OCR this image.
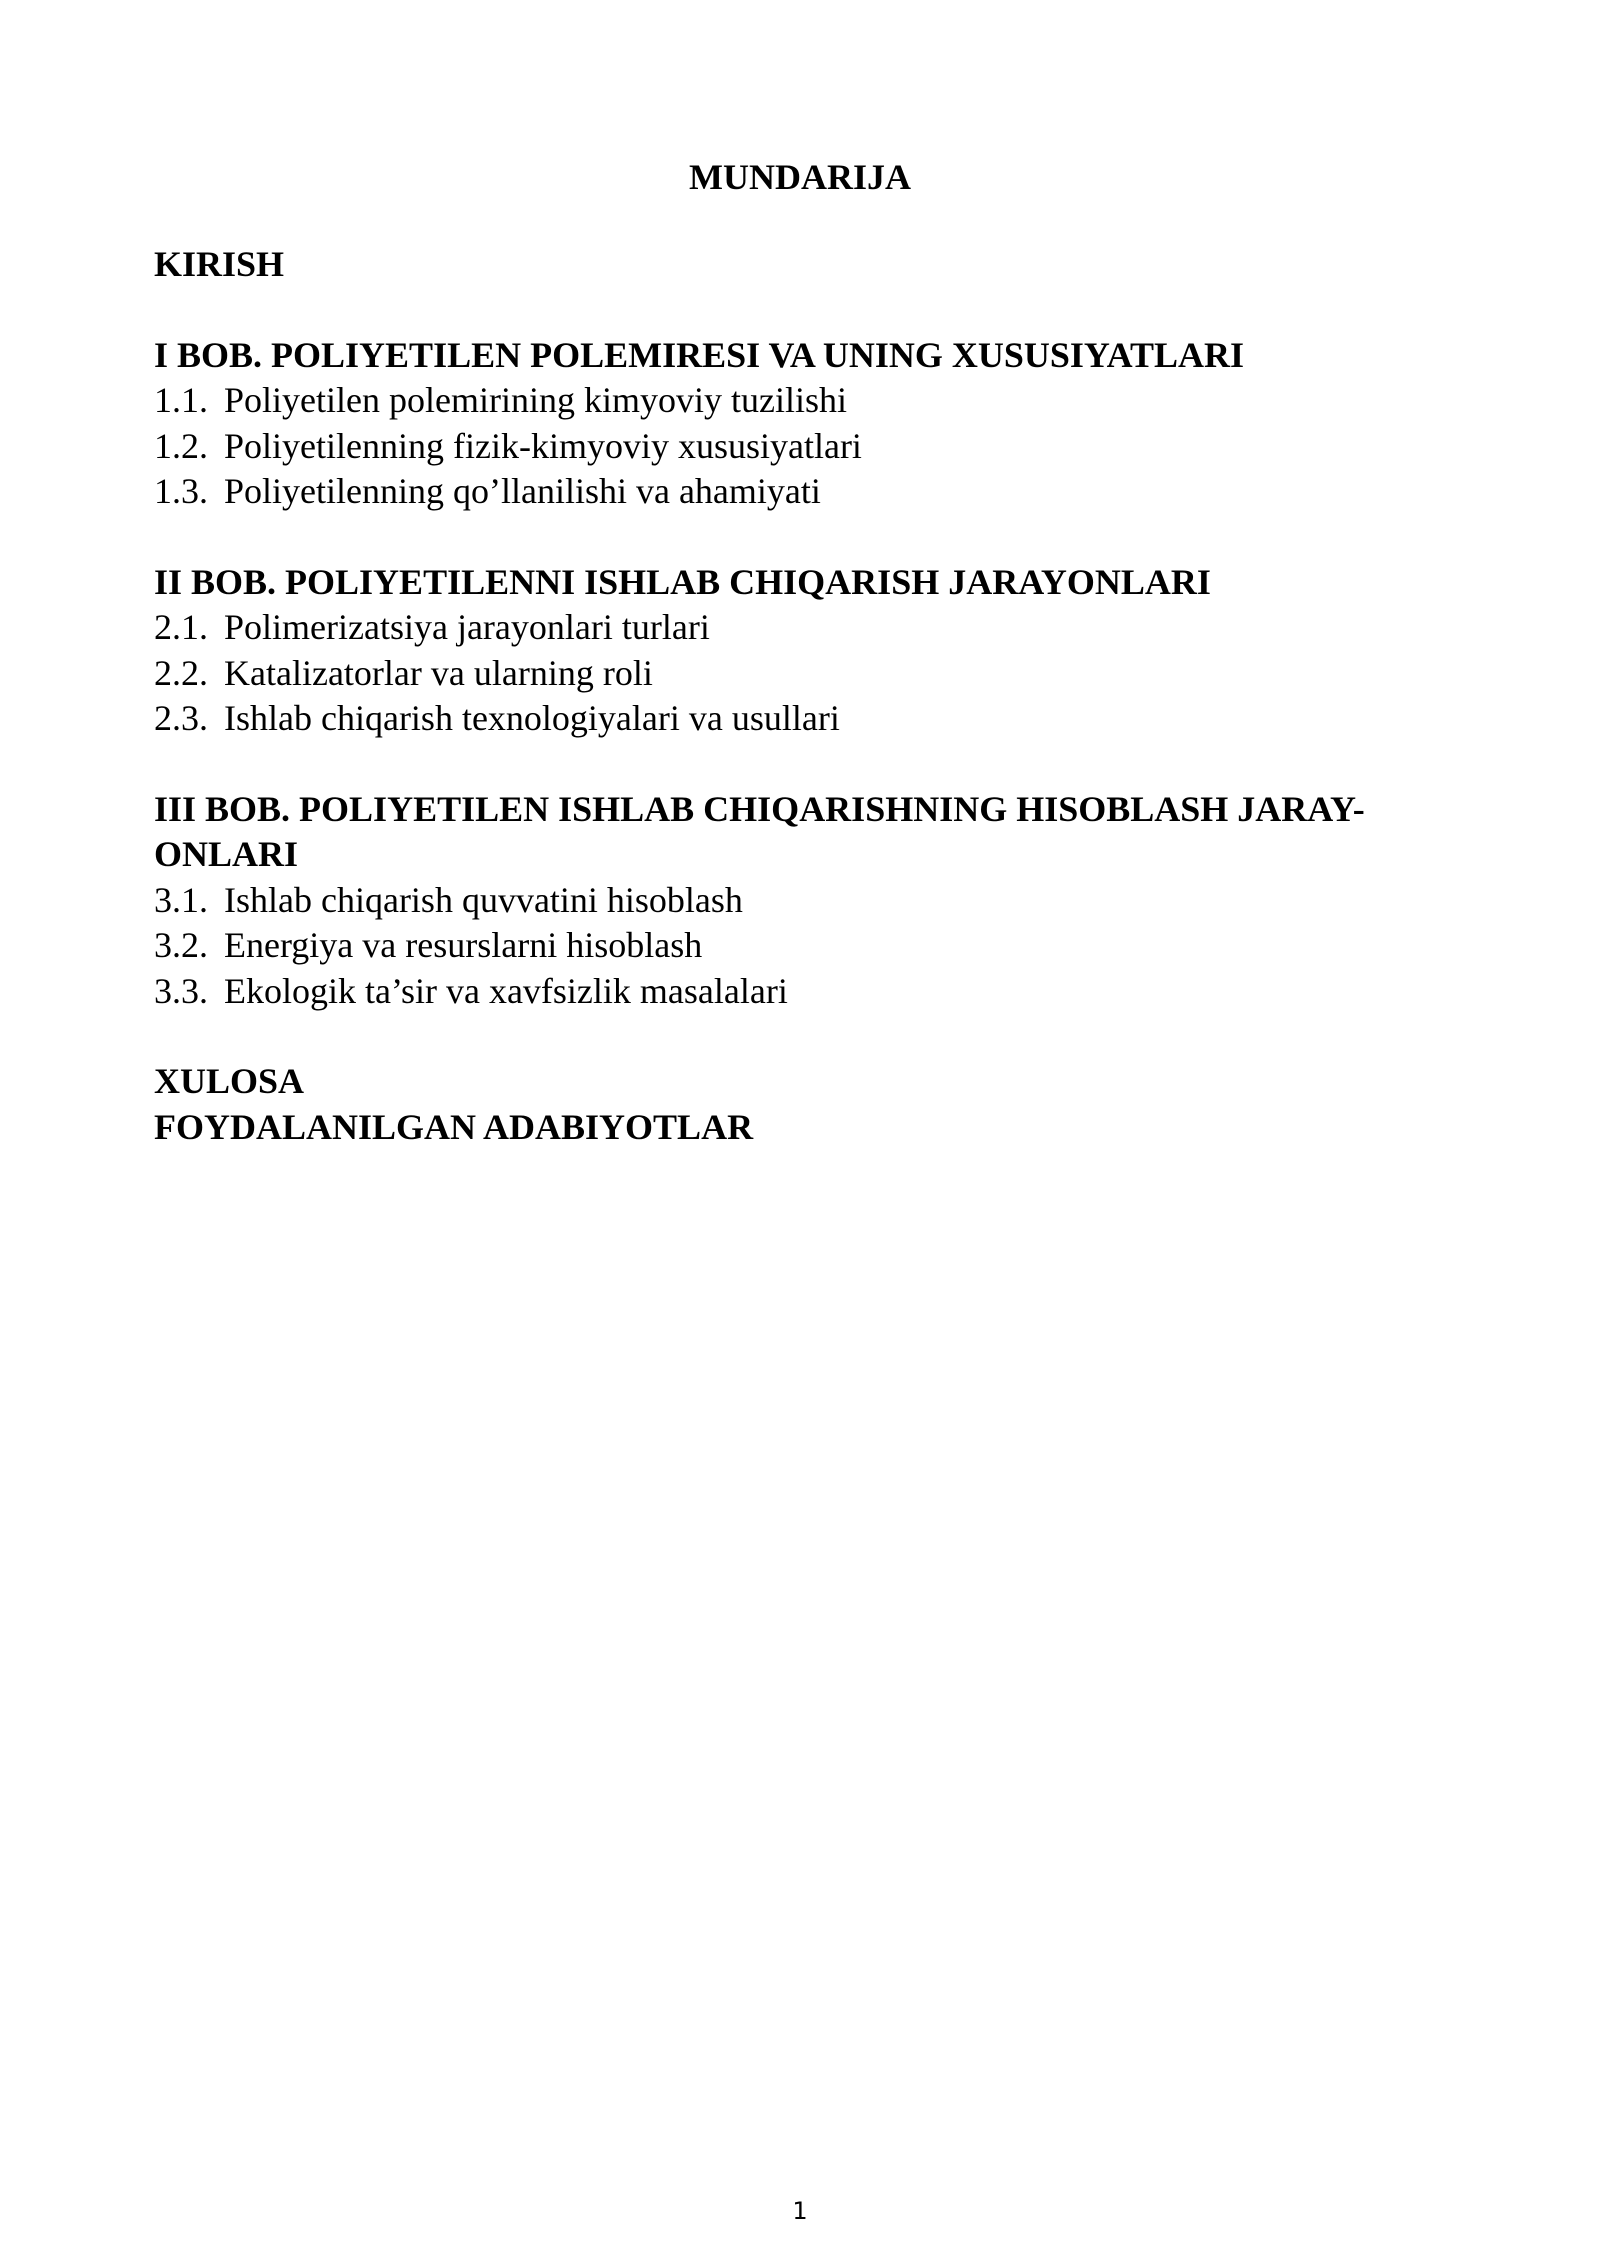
MUNDARIJA

KIRISH

I BOB. POLIYETILEN POLEMIRESI VA UNING XUSUSIYATLARI

1.1. Poliyetilen polemirining kimyoviy tuzilishi

1.2. Poliyetilenning fizik-kimyoviy xususiyatlari

1.3. Poliyetilenning qo’llanilishi va ahamiyati

II BOB. POLIYETILENNI ISHLAB CHIQARISH JARAYONLARI

2.1. Polimerizatsiya jarayonlari turlari

2.2. Katalizatorlar va ularning roli

2.3. Ishlab chiqarish texnologiyalari va usullari

III BOB. POLIYETILEN ISHLAB CHIQARISHNING HISOBLASH JARAY-

ONLARI

3.1. Ishlab chiqarish quvvatini hisoblash

3.2. Energiya va resurslarni hisoblash

3.3. Ekologik ta’sir va xavfsizlik masalalari

XULOSA

FOYDALANILGAN ADABIYOTLAR

1
